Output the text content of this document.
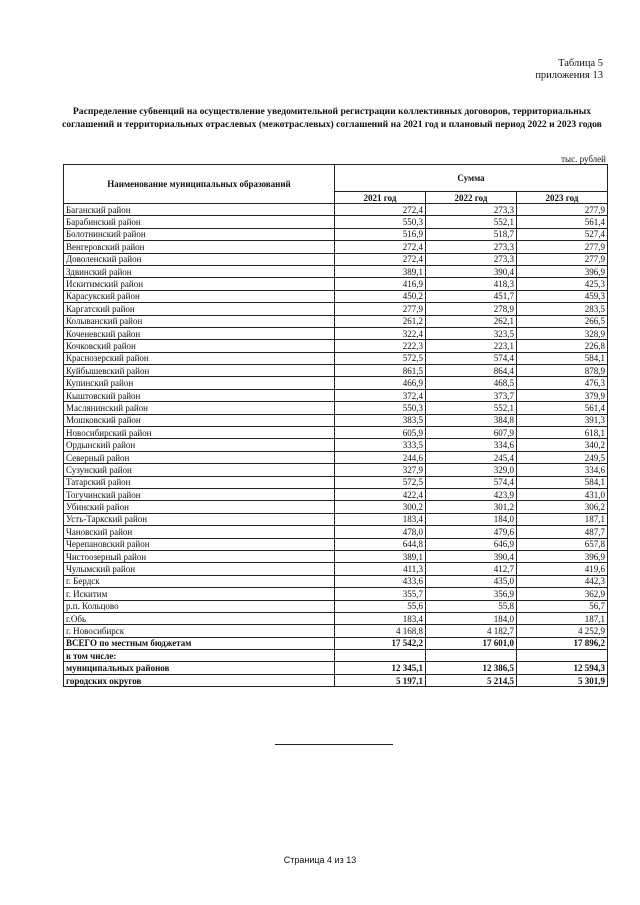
Таблица 5
приложения 13
Распределение субвенций на осуществление уведомительной регистрации коллективных договоров, территориальных соглашений и территориальных отраслевых (межотраслевых) соглашений на 2021 год и плановый период 2022 и 2023 годов
тыс. рублей
Наименование муниципальных образований	Сумма		
	2021 год	2022 год	2023 год
Баганский район	272,4	273,3	277,9
Барабинский район	550,3	552,1	561,4
Болотнинский район	516,9	518,7	527,4
Венгеровский район	272,4	273,3	277,9
Доволенский район	272,4	273,3	277,9
Здвинский район	389,1	390,4	396,9
Искитимский район	416,9	418,3	425,3
Карасукский район	450,2	451,7	459,3
Каргатский район	277,9	278,9	283,5
Колыванский район	261,2	262,1	266,5
Коченевский район	322,4	323,5	328,9
Кочковский район	222,3	223,1	226,8
Краснозерский район	572,5	574,4	584,1
Куйбышевский район	861,5	864,4	878,9
Купинский район	466,9	468,5	476,3
Кыштовский район	372,4	373,7	379,9
Маслянинский район	550,3	552,1	561,4
Мошковский район	383,5	384,8	391,3
Новосибирский район	605,9	607,9	618,1
Ордынский район	333,5	334,6	340,2
Северный район	244,6	245,4	249,5
Сузунский район	327,9	329,0	334,6
Татарский район	572,5	574,4	584,1
Тогучинский район	422,4	423,9	431,0
Убинский район	300,2	301,2	306,2
Усть-Таркский район	183,4	184,0	187,1
Чановский район	478,0	479,6	487,7
Черепановский район	644,8	646,9	657,8
Чистоозерный район	389,1	390,4	396,9
Чулымский район	411,3	412,7	419,6
г. Бердск	433,6	435,0	442,3
г. Искитим	355,7	356,9	362,9
р.п. Кольцово	55,6	55,8	56,7
г.Обь	183,4	184,0	187,1
г. Новосибирск	4 168,8	4 182,7	4 252,9
ВСЕГО по местным бюджетам	17 542,2	17 601,0	17 896,2
в том числе:			
муниципальных районов	12 345,1	12 386,5	12 594,3
городских округов	5 197,1	5 214,5	5 301,9
Страница 4 из 13
